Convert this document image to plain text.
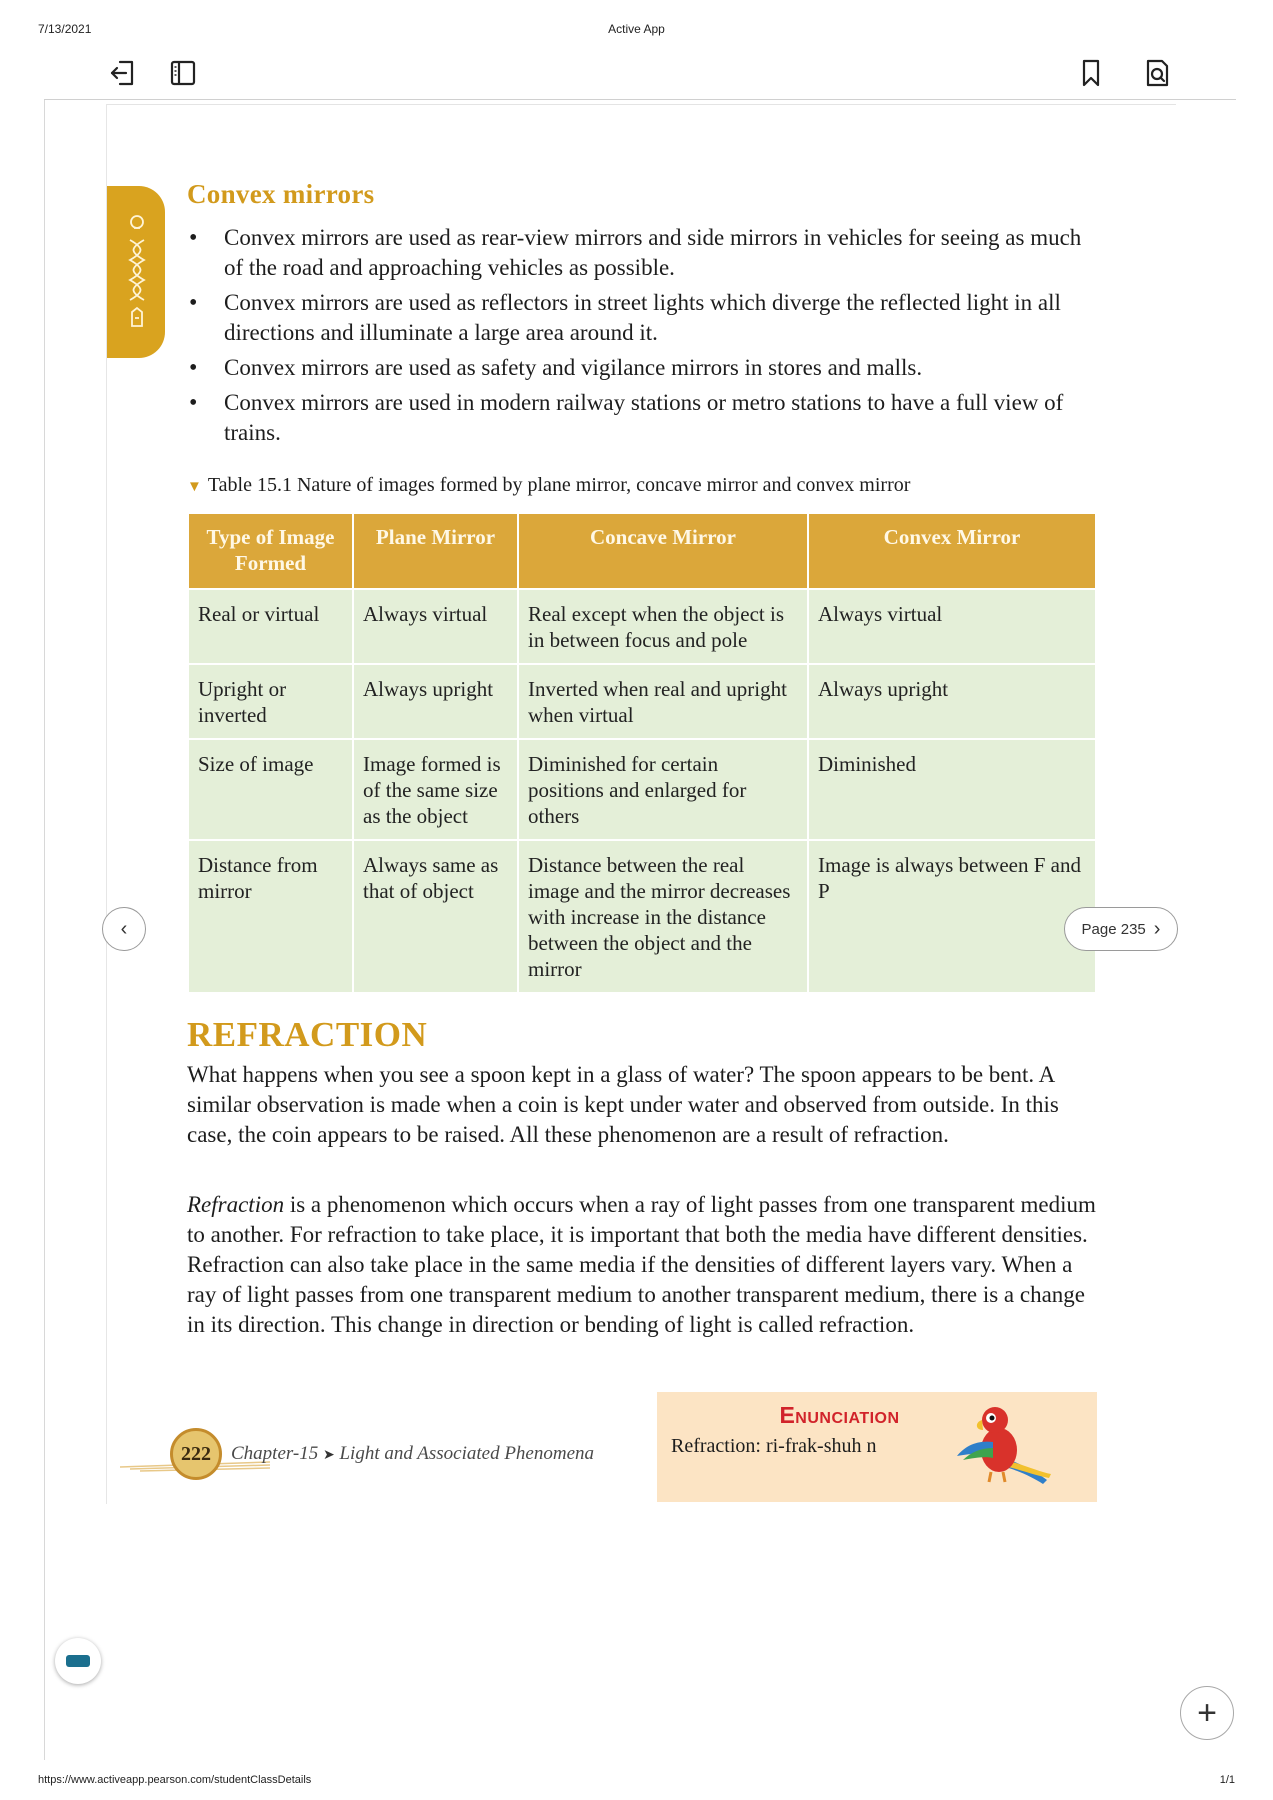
7/13/2021	Active App
Convex mirrors
• Convex mirrors are used as rear-view mirrors and side mirrors in vehicles for seeing as much of the road and approaching vehicles as possible.
• Convex mirrors are used as reflectors in street lights which diverge the reflected light in all directions and illuminate a large area around it.
• Convex mirrors are used as safety and vigilance mirrors in stores and malls.
• Convex mirrors are used in modern railway stations or metro stations to have a full view of trains.
▼ Table 15.1 Nature of images formed by plane mirror, concave mirror and convex mirror
Type of Image Formed	Plane Mirror	Concave Mirror	Convex Mirror
Real or virtual	Always virtual	Real except when the object is in between focus and pole	Always virtual
Upright or inverted	Always upright	Inverted when real and upright when virtual	Always upright
Size of image	Image formed is of the same size as the object	Diminished for certain positions and enlarged for others	Diminished
Distance from mirror	Always same as that of object	Distance between the real image and the mirror decreases with increase in the distance between the object and the mirror	Image is always between F and P
‹	Page 235 ›
REFRACTION

What happens when you see a spoon kept in a glass of water? The spoon appears to be bent. A similar observation is made when a coin is kept under water and observed from outside. In this case, the coin appears to be raised. All these phenomenon are a result of refraction.

Refraction is a phenomenon which occurs when a ray of light passes from one transparent medium to another. For refraction to take place, it is important that both the media have different densities. Refraction can also take place in the same media if the densities of different layers vary. When a ray of light passes from one transparent medium to another transparent medium, there is a change in its direction. This change in direction or bending of light is called refraction.

222	Chapter-15 ➤ Light and Associated Phenomena
Enunciation
Refraction: ri-frak-shuh n
+
https://www.activeapp.pearson.com/studentClassDetails	1/1
